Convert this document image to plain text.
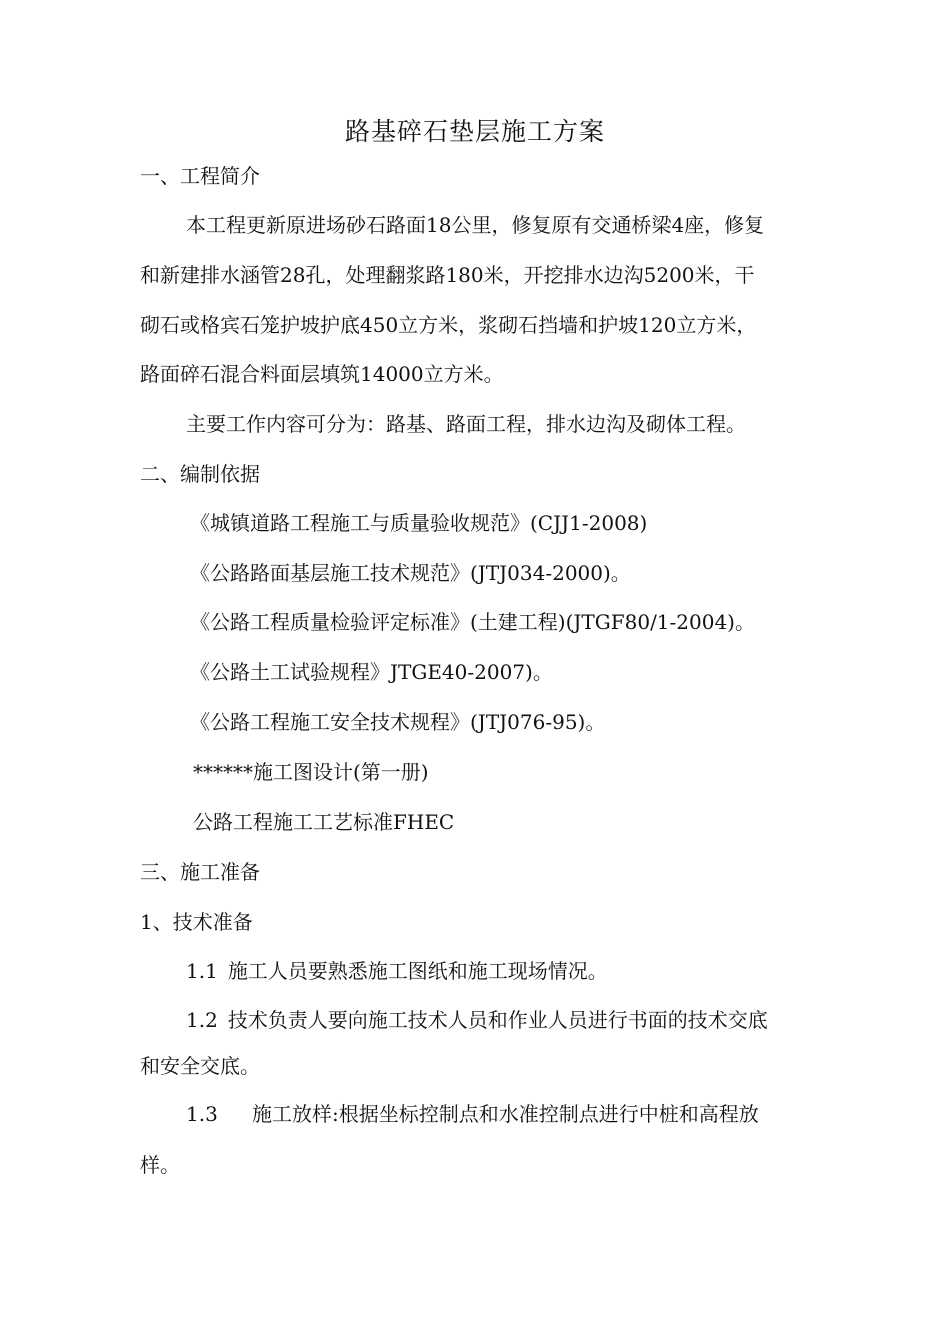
路基碎石垫层施工方案
一、工程简介
本工程更新原进场砂石路面18公里，修复原有交通桥梁4座，修复
和新建排水涵管28孔，处理翻浆路180米，开挖排水边沟5200米，干
砌石或格宾石笼护坡护底450立方米，浆砌石挡墙和护坡120立方米，
路面碎石混合料面层填筑14000立方米。
主要工作内容可分为：路基、路面工程，排水边沟及砌体工程。
二、编制依据
《城镇道路工程施工与质量验收规范》(CJJ1-2008)
《公路路面基层施工技术规范》(JTJ034-2000)。
《公路工程质量检验评定标准》(土建工程)(JTGF80/1-2004)。
《公路土工试验规程》JTGE40-2007)。
《公路工程施工安全技术规程》(JTJ076-95)。
******施工图设计(第一册)
公路工程施工工艺标准FHEC
三、施工准备
1、技术准备
1.1 施工人员要熟悉施工图纸和施工现场情况。
1.2 技术负责人要向施工技术人员和作业人员进行书面的技术交底
和安全交底。
1.3 施工放样:根据坐标控制点和水准控制点进行中桩和高程放
样。
